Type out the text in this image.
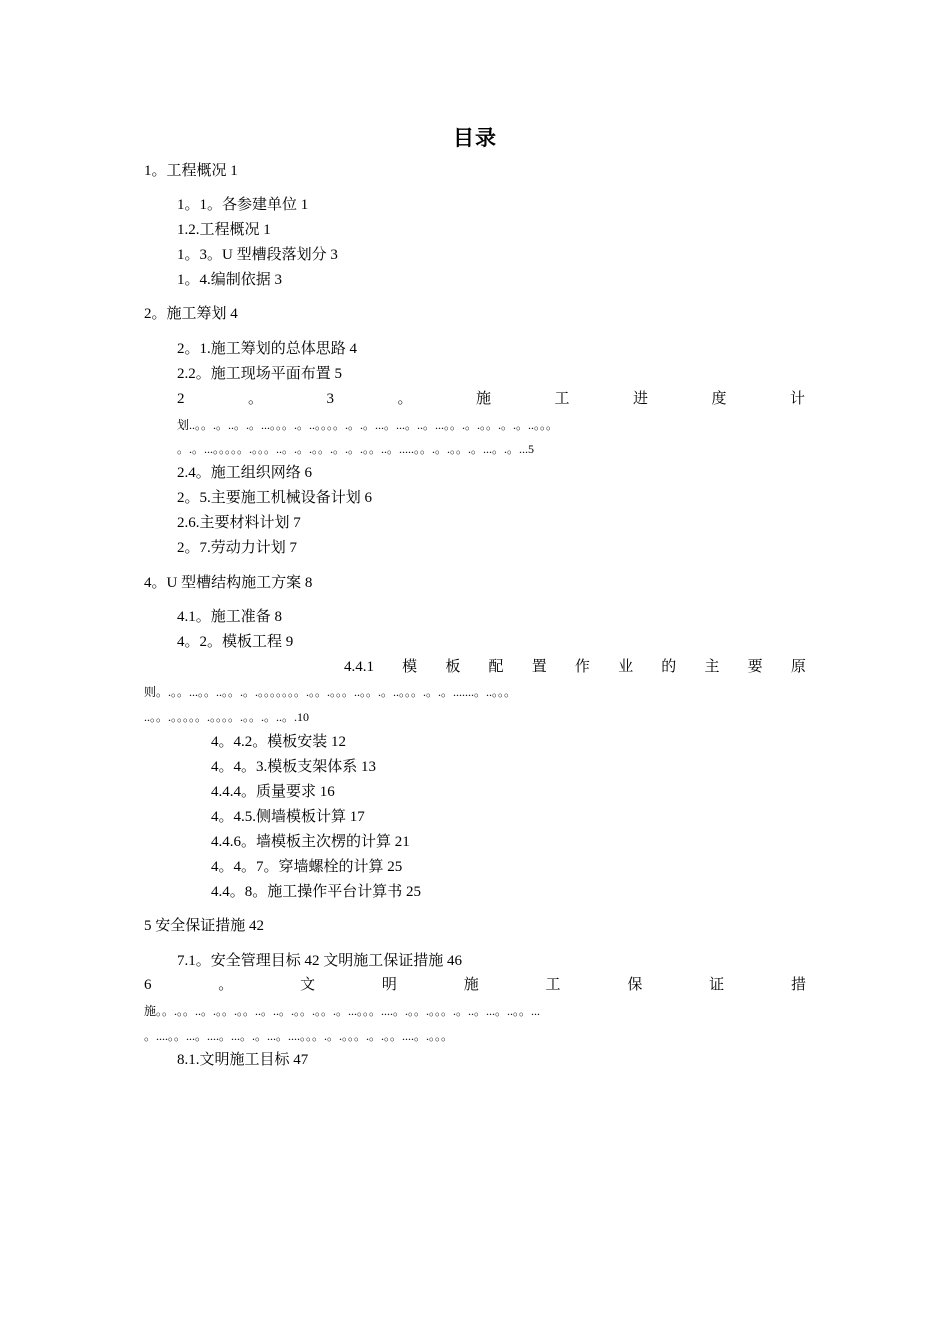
目录
1。工程概况 1
1。1。各参建单位 1
1.2.工程概况 1
1。3。U 型槽段落划分 3
1。4.编制依据 3
2。施工筹划 4
2。1.施工筹划的总体思路 4
2.2。施工现场平面布置 5
2	。	3	。	施	工	进	度	计
划..。。.。..。.。...。。。.。..。。。。.。.。...。...。..。...。。.。.。。.。.。..。。。
。.。...。。。。。.。。。..。.。.。。.。.。.。。..。.....。。.。.。。.。...。.。...5
2.4。施工组织网络 6
2。5.主要施工机械设备计划 6
2.6.主要材料计划 7
2。7.劳动力计划 7
4。U 型槽结构施工方案 8
4.1。施工准备 8
4。2。模板工程 9
4.4.1 模 板 配 置 作 业 的 主 要 原
则。.。。...。。..。。.。.。。。。。。。.。。.。。。..。。.。..。。。.。.。.......。..。。。
..。。.。。。。。.。。。。.。。.。..。.10
4。4.2。模板安装 12
4。4。3.模板支架体系 13
4.4.4。质量要求 16
4。4.5.侧墙模板计算 17
4.4.6。墙模板主次楞的计算 21
4。4。7。穿墙螺栓的计算 25
4.4。8。施工操作平台计算书 25
5 安全保证措施 42
7.1。安全管理目标 42 文明施工保证措施 46
6	。	文	明	施	工	保	证	措
施。。.。。..。.。。.。。..。..。.。。.。。.。...。。。....。.。。.。。。.。..。...。..。。...
。....。。...。....。...。.。...。....。。。.。.。。。.。.。。....。.。。。
8.1.文明施工目标 47
